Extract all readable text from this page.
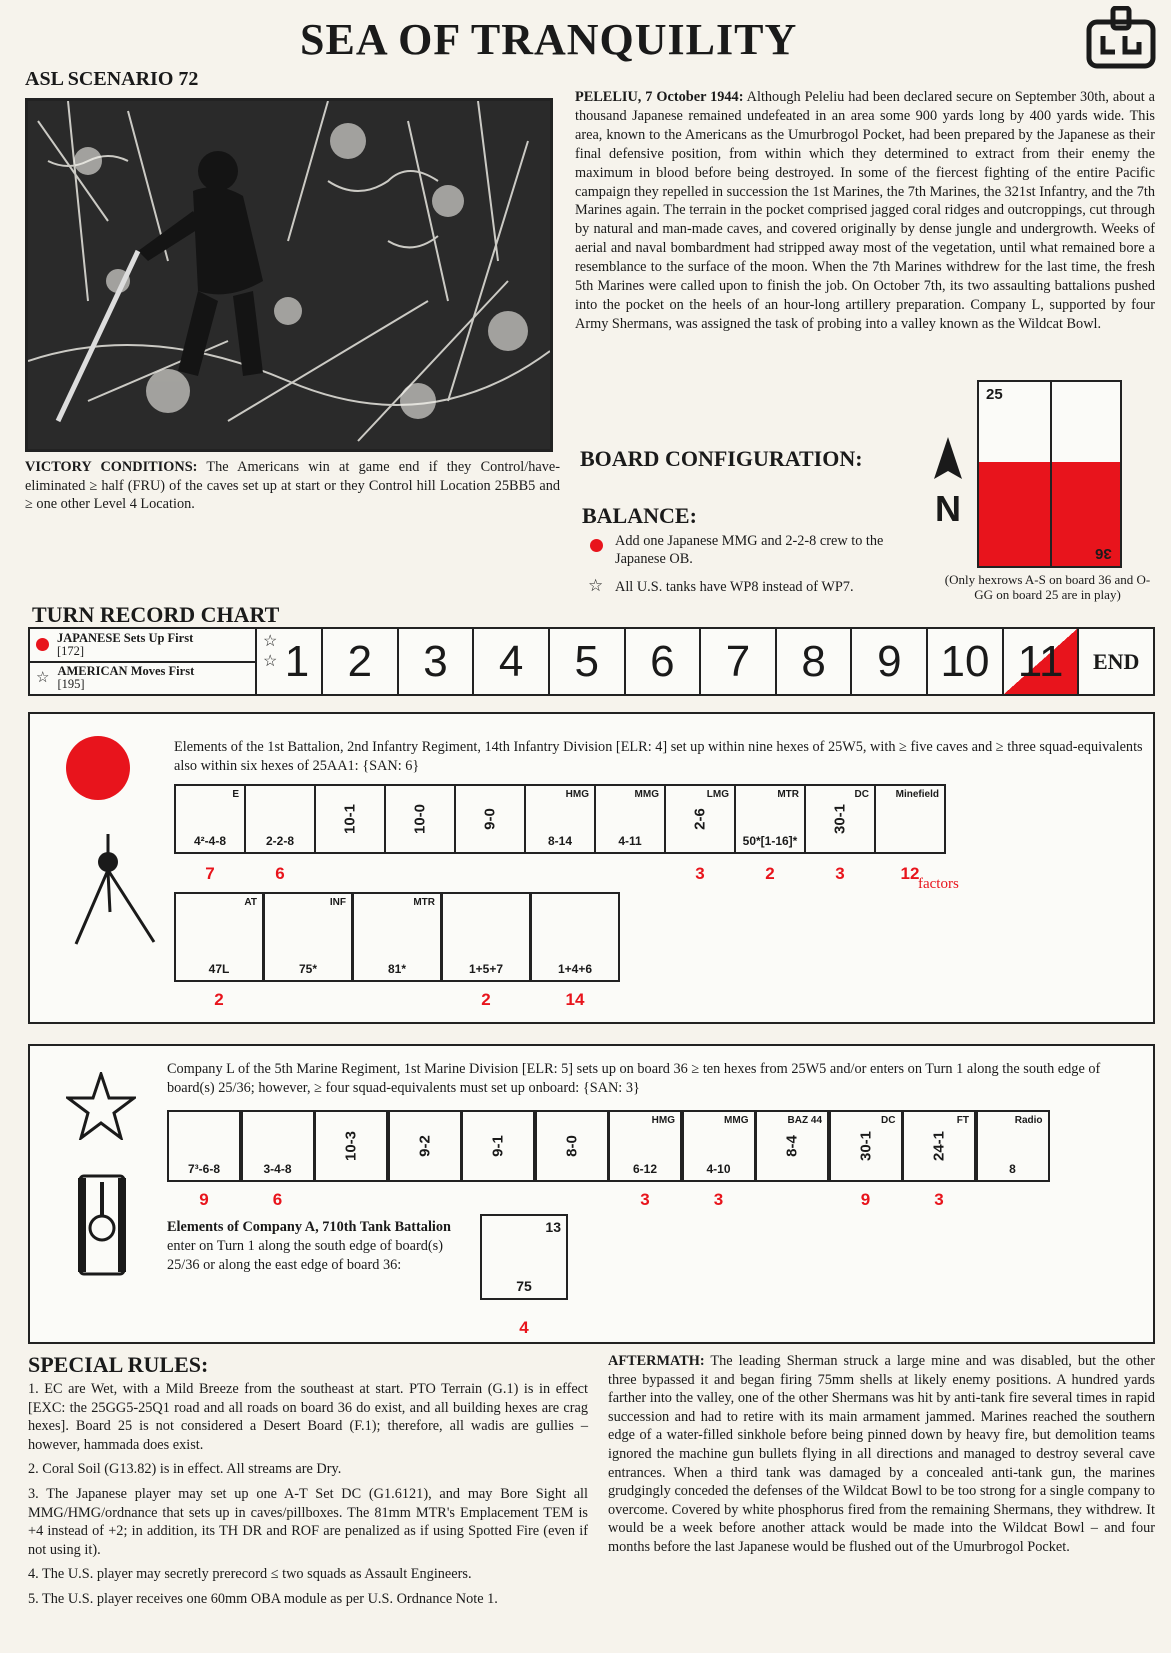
SEA OF TRANQUILITY
ASL SCENARIO 72
PELELIU, 7 October 1944: Although Peleliu had been declared secure on September 30th, about a thousand Japanese remained undefeated in an area some 900 yards long by 400 yards wide. This area, known to the Americans as the Umurbrogol Pocket, had been prepared by the Japanese as their final defensive position, from within which they determined to extract from their enemy the maximum in blood before being destroyed. In some of the fiercest fighting of the entire Pacific campaign they repelled in succession the 1st Marines, the 7th Marines, the 321st Infantry, and the 7th Marines again. The terrain in the pocket comprised jagged coral ridges and outcroppings, cut through by natural and man-made caves, and covered originally by dense jungle and undergrowth. Weeks of aerial and naval bombardment had stripped away most of the vegetation, until what remained bore a resemblance to the surface of the moon. When the 7th Marines withdrew for the last time, the fresh 5th Marines were called upon to finish the job. On October 7th, its two assaulting battalions pushed into the pocket on the heels of an hour-long artillery preparation. Company L, supported by four Army Shermans, was assigned the task of probing into a valley known as the Wildcat Bowl.
VICTORY CONDITIONS: The Americans win at game end if they Control/have-eliminated ≥ half (FRU) of the caves set up at start or they Control hill Location 25BB5 and ≥ one other Level 4 Location.
BOARD CONFIGURATION:
N
25
36
(Only hexrows A-S on board 36 and O-GG on board 25 are in play)
BALANCE:
Add one Japanese MMG and 2-2-8 crew to the Japanese OB.
☆ All U.S. tanks have WP8 instead of WP7.
TURN RECORD CHART
JAPANESE Sets Up First
[172]
☆ AMERICAN Moves First
[195]
☆
☆ 1 2 3 4 5 6 7 8 9 10 11 END
Elements of the 1st Battalion, 2nd Infantry Regiment, 14th Infantry Division [ELR: 4] set up within nine hexes of 25W5, with ≥ five caves and ≥ three squad-equivalents also within six hexes of 25AA1: {SAN: 6}
E
4²-4-8
7
2-2-8
6
10-1	10-0	9-0
HMG
8-14
MMG
4-11
LMG
2-6
3
MTR
50*[1-16]*
2
DC
30-1
3
Minefield
12
factors
AT
47L
2
INF
75*
MTR
81*	1+5+7
2
1+4+6
14
Company L of the 5th Marine Regiment, 1st Marine Division [ELR: 5] sets up on board 36 ≥ ten hexes from 25W5 and/or enters on Turn 1 along the south edge of board(s) 25/36; however, ≥ four squad-equivalents must set up onboard: {SAN: 3}
7³-6-8
9
3-4-8
6
10-3	9-2	9-1	8-0
HMG
6-12
3
MMG
4-10
3
BAZ 44
8-4
DC
30-1
9
FT
24-1
3
Radio
8
Elements of Company A, 710th Tank Battalion enter on Turn 1 along the south edge of board(s) 25/36 or along the east edge of board 36:
13
75
4
SPECIAL RULES:

1. EC are Wet, with a Mild Breeze from the southeast at start. PTO Terrain (G.1) is in effect [EXC: the 25GG5-25Q1 road and all roads on board 36 do exist, and all building hexes are crag hexes]. Board 25 is not considered a Desert Board (F.1); therefore, all wadis are gullies – however, hammada does exist.

2. Coral Soil (G13.82) is in effect. All streams are Dry.

3. The Japanese player may set up one A-T Set DC (G1.6121), and may Bore Sight all MMG/HMG/ordnance that sets up in caves/pillboxes. The 81mm MTR's Emplacement TEM is +4 instead of +2; in addition, its TH DR and ROF are penalized as if using Spotted Fire (even if not using it).

4. The U.S. player may secretly prerecord ≤ two squads as Assault Engineers.

5. The U.S. player receives one 60mm OBA module as per U.S. Ordnance Note 1.

AFTERMATH: The leading Sherman struck a large mine and was disabled, but the other three bypassed it and began firing 75mm shells at likely enemy positions. A hundred yards farther into the valley, one of the other Shermans was hit by anti-tank fire several times in rapid succession and had to retire with its main armament jammed. Marines reached the southern edge of a water-filled sinkhole before being pinned down by heavy fire, but demolition teams ignored the machine gun bullets flying in all directions and managed to destroy several cave entrances. When a third tank was damaged by a concealed anti-tank gun, the marines grudgingly conceded the defenses of the Wildcat Bowl to be too strong for a single company to overcome. Covered by white phosphorus fired from the remaining Shermans, they withdrew. It would be a week before another attack would be made into the Wildcat Bowl – and four months before the last Japanese would be flushed out of the Umurbrogol Pocket.
